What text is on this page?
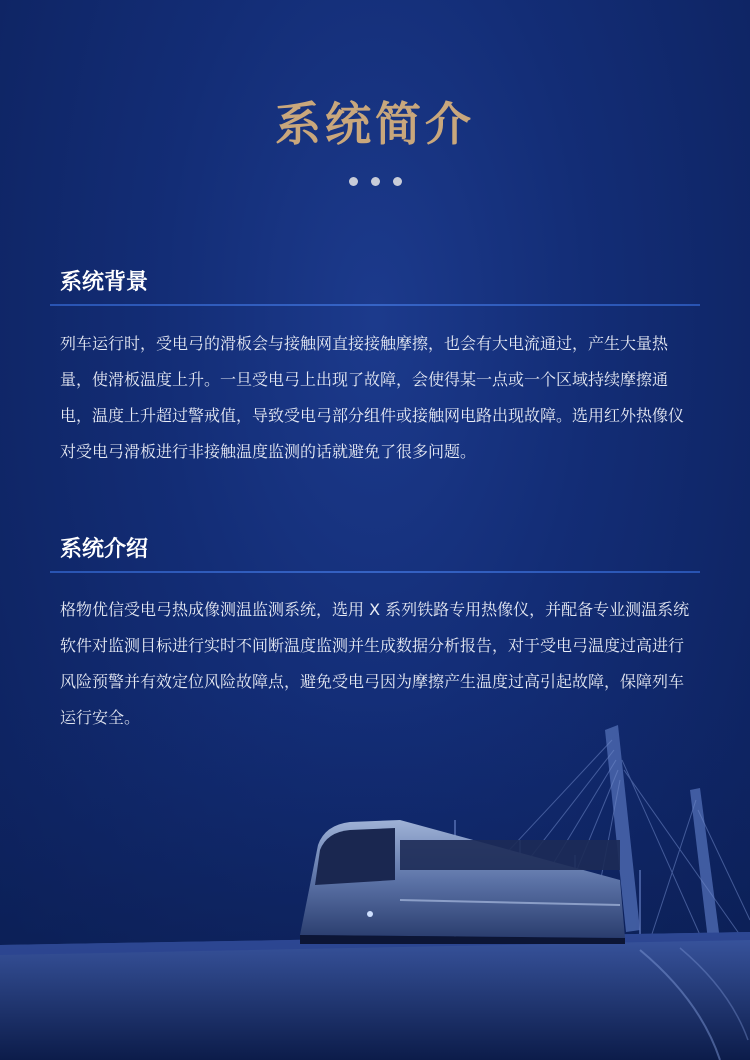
系统简介
系统背景
列车运行时，受电弓的滑板会与接触网直接接触摩擦，也会有大电流通过，产生大量热量，使滑板温度上升。一旦受电弓上出现了故障，会使得某一点或一个区域持续摩擦通电，温度上升超过警戒值，导致受电弓部分组件或接触网电路出现故障。选用红外热像仪对受电弓滑板进行非接触温度监测的话就避免了很多问题。
系统介绍
格物优信受电弓热成像测温监测系统，选用 X 系列铁路专用热像仪，并配备专业测温系统软件对监测目标进行实时不间断温度监测并生成数据分析报告，对于受电弓温度过高进行风险预警并有效定位风险故障点，避免受电弓因为摩擦产生温度过高引起故障，保障列车
